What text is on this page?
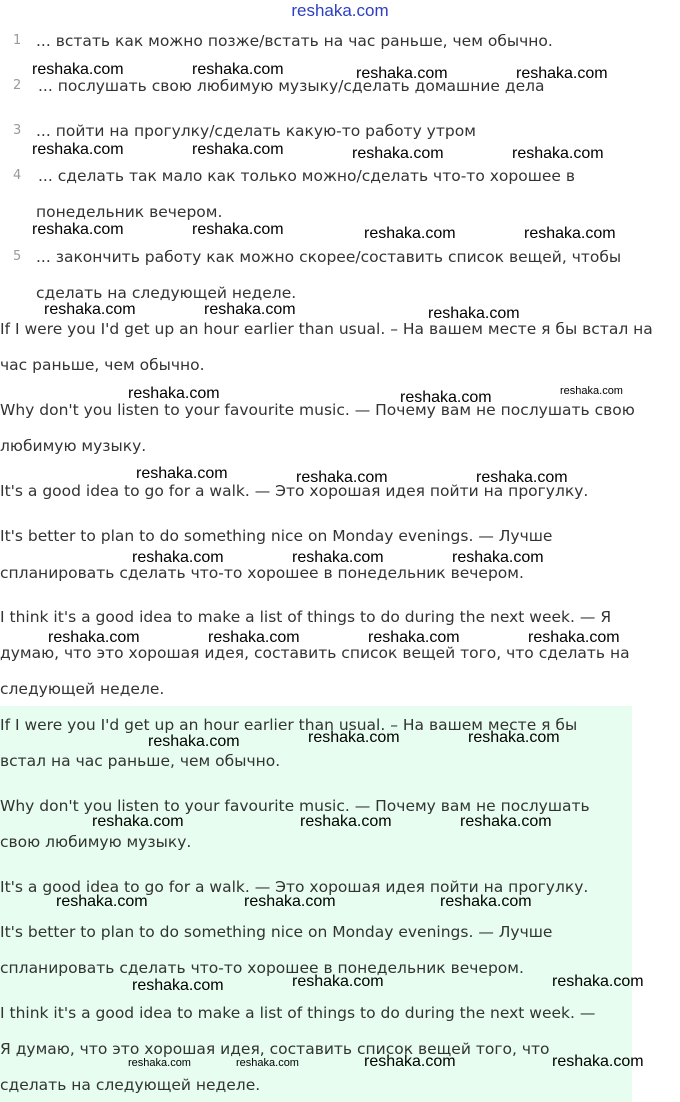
reshaka.com
1 ... встать как можно позже/встать на час раньше, чем обычно.
2 ... послушать свою любимую музыку/сделать домашние дела
3 ... пойти на прогулку/сделать какую-то работу утром
4 ... сделать так мало как только можно/сделать что-то хорошее в
понедельник вечером.
5 ... закончить работу как можно скорее/составить список вещей, чтобы
сделать на следующей неделе.
If I were you I'd get up an hour earlier than usual. – На вашем месте я бы встал на
час раньше, чем обычно.
Why don't you listen to your favourite music. — Почему вам не послушать свою
любимую музыку.
It's a good idea to go for a walk. — Это хорошая идея пойти на прогулку.
It's better to plan to do something nice on Monday evenings. — Лучше
спланировать сделать что-то хорошее в понедельник вечером.
I think it's a good idea to make a list of things to do during the next week. — Я
думаю, что это хорошая идея, составить список вещей того, что сделать на
следующей неделе.
If I were you I'd get up an hour earlier than usual. – На вашем месте я бы
встал на час раньше, чем обычно.
Why don't you listen to your favourite music. — Почему вам не послушать
свою любимую музыку.
It's a good idea to go for a walk. — Это хорошая идея пойти на прогулку.
It's better to plan to do something nice on Monday evenings. — Лучше
спланировать сделать что-то хорошее в понедельник вечером.
I think it's a good idea to make a list of things to do during the next week. —
Я думаю, что это хорошая идея, составить список вещей того, что
сделать на следующей неделе.
reshaka.com	reshaka.com	reshaka.com	reshaka.com
reshaka.com	reshaka.com	reshaka.com	reshaka.com
reshaka.com	reshaka.com	reshaka.com	reshaka.com
reshaka.com	reshaka.com	reshaka.com
reshaka.com	reshaka.com	reshaka.com
reshaka.com	reshaka.com	reshaka.com
reshaka.com	reshaka.com	reshaka.com
reshaka.com	reshaka.com	reshaka.com	reshaka.com
reshaka.com	reshaka.com	reshaka.com
reshaka.com	reshaka.com	reshaka.com
reshaka.com	reshaka.com	reshaka.com
reshaka.com	reshaka.com	reshaka.com
reshaka.com	reshaka.com	reshaka.com	reshaka.com
